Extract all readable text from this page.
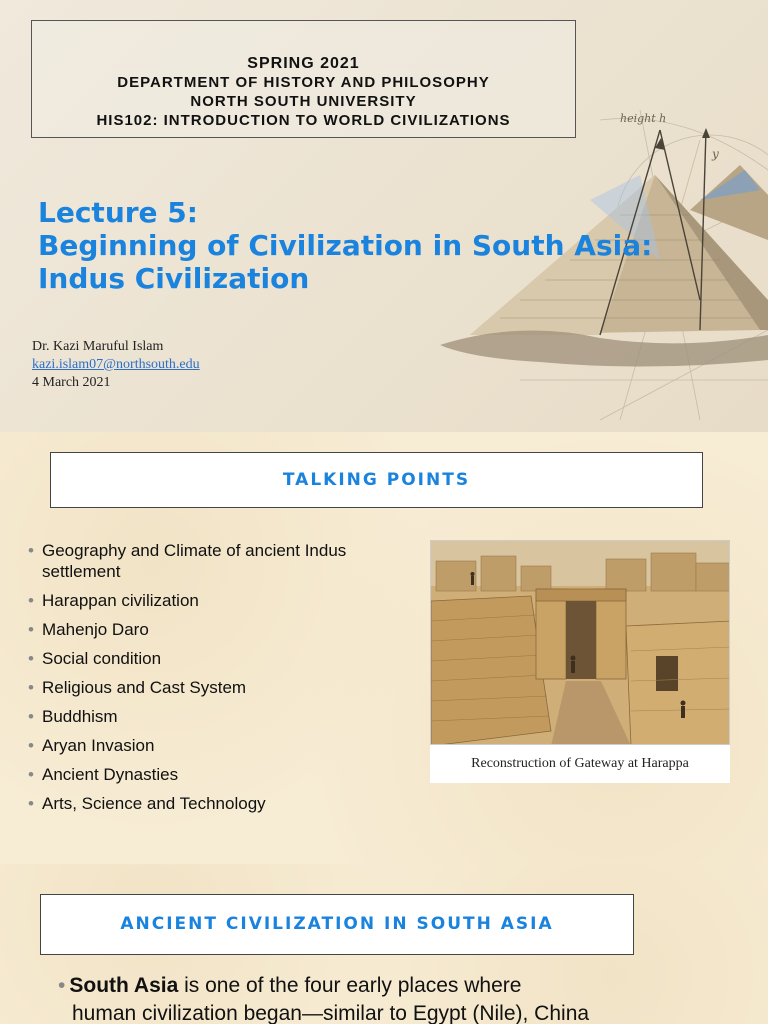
height h
y
SPRING 2021
DEPARTMENT OF HISTORY AND PHILOSOPHY
NORTH SOUTH UNIVERSITY
HIS102: INTRODUCTION TO WORLD CIVILIZATIONS
Lecture 5:
Beginning of Civilization in South Asia:
Indus Civilization
Dr. Kazi Maruful Islam
kazi.islam07@northsouth.edu
4 March 2021
TALKING POINTS
• Geography and Climate of ancient Indus settlement
• Harappan civilization
• Mahenjo Daro
• Social condition
• Religious and Cast System
• Buddhism
• Aryan Invasion
• Ancient Dynasties
• Arts, Science and Technology
Reconstruction of Gateway at Harappa
ANCIENT CIVILIZATION IN SOUTH ASIA
• South Asia is one of the four early places where
human civilization began—similar to Egypt (Nile), China
